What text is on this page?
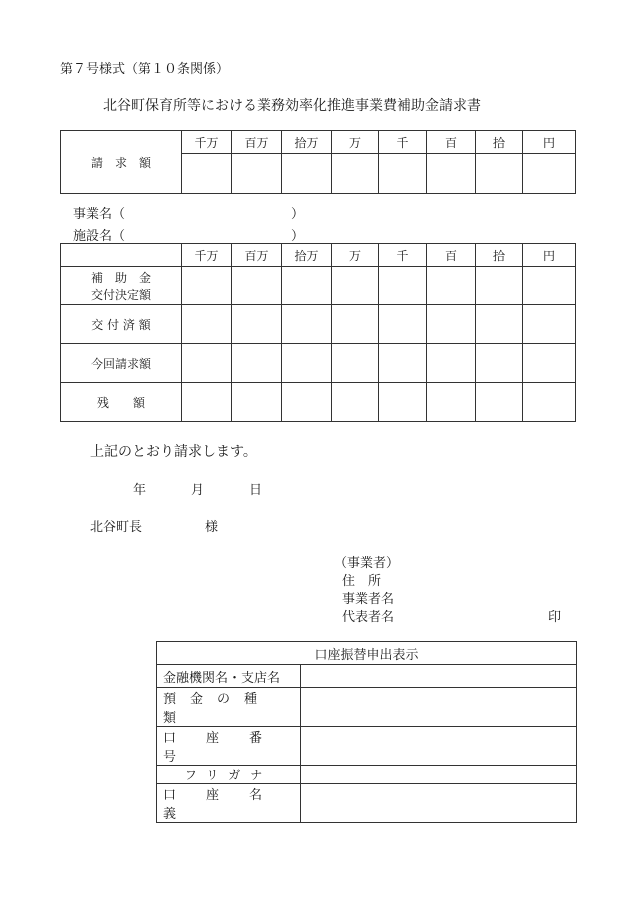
第７号様式（第１０条関係）
北谷町保育所等における業務効率化推進事業費補助金請求書
請　求　額	千万	百万	拾万	万	千	百	拾	円

事業名（	）
施設名（	）
	千万	百万	拾万	万	千	百	拾	円

補　助　金
交付決定額								

交 付 済 額								
今回請求額								
残　　額								
上記のとおり請求します。
年	月	日
北谷町長	様
（事業者）
住　所
事業者名
代表者名	印
口座振替申出表示	

金融機関名・支店名	

預金の種類	

口座番号	

フリガナ	

口座名義	
